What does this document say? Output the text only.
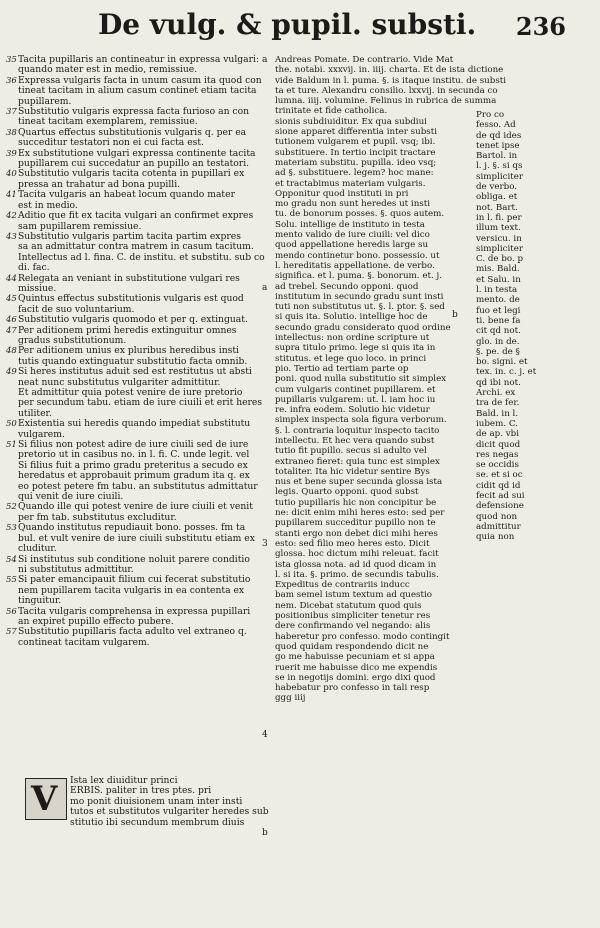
De vulg. & pupil. substi. 236
35Tacita pupillaris an contineatur in expressa vulgari: a
quando mater est in medio, remissiue.
36Expressa vulgaris facta in unum casum ita quod con
tineat tacitam in alium casum continet etiam tacita
pupillarem.
37Substitutio vulgaris expressa facta furioso an con
tineat tacitam exemplarem, remissiue.
38Quartus effectus substitutionis vulgaris q. per ea
succeditur testatori non ei cui facta est.
39Ex substitutione vulgari expressa continente tacita
pupillarem cui succedatur an pupillo an testatori.
40Substitutio vulgaris tacita cotenta in pupillari ex
pressa an trahatur ad bona pupilli.
41Tacita vulgaris an habeat locum quando mater
est in medio.
42Aditio que fit ex tacita vulgari an confirmet expres
sam pupillarem remissiue.
43Substitutio vulgaris partim tacita partim expres
sa an admittatur contra matrem in casum tacitum.
Intellectus ad l. fina. C. de institu. et substitu. sub co
di. fac.
44Relegata an veniant in substitutione vulgari res
missiue.
45Quintus effectus substitutionis vulgaris est quod
facit de suo voluntarium.
46Substitutio vulgaris quomodo et per q. extinguat.
47Per aditionem primi heredis extinguitur omnes
gradus substitutionum.
48Per aditionem unius ex pluribus heredibus insti
tutis quando extinguatur substitutio facta omnib.
49Si heres institutus aduit sed est restitutus ut absti
neat nunc substitutus vulgariter admittitur.
Et admittitur quia potest venire de iure pretorio
per secundum tabu. etiam de iure ciuili et erit heres
utiliter.
50Existentia sui heredis quando impediat substitutu
vulgarem.
51Si filius non potest adire de iure ciuili sed de iure
pretorio ut in casibus no. in l. fi. C. unde legit. vel
Si filius fuit a primo gradu preteritus a secudo ex
heredatus et approbauit primum gradum ita q. ex
eo potest petere fm tabu. an substitutus admittatur
qui venit de iure ciuili.
52Quando ille qui potest venire de iure ciuili et venit
per fm tab. substitutus excluditur.
53Quando institutus repudiauit bono. posses. fm ta
bul. et vult venire de iure ciuili substitutu etiam ex
cluditur.
54Si institutus sub conditione noluit parere conditio
ni substitutus admittitur.
55Si pater emancipauit filium cui fecerat substitutio
nem pupillarem tacita vulgaris in ea contenta ex
tinguitur.
56Tacita vulgaris comprehensa in expressa pupillari
an expiret pupillo effecto pubere.
57Substitutio pupillaris facta adulto vel extraneo q.
contineat tacitam vulgarem.
V Ista lex diuiditur princi
ERBIS. paliter in tres ptes. pri
mo ponit diuisionem unam inter insti
tutos et substitutos vulgariter heredes sub
stitutio ibi secundum membrum diuis
Andreas Pomate. De contrario. Vide Mat
the. notabi. xxxvij. in. iiij. charta. Et de ista dictione
vide Baldum in l. puma. §. is itaque institu. de substi
ta et ture. Alexandru consilio. lxxvij. in secunda co
lumna. iiij. volumine. Felinus in rubrica de summa
trinitate et fide catholica.
sionis subdiuiditur. Ex qua subdiui
sione apparet differentia inter substi
tutionem vulgarem et pupil. vsq; ibi.
substituere. In tertio incipit tractare
materiam substitu. pupilla. ideo vsq;
ad §. substituere. legem? hoc mane:
et tractabimus materiam vulgaris.
Opponitur quod instituti in pri
mo gradu non sunt heredes ut insti
tu. de bonorum posses. §. quos autem.
Solu. intellige de instituto in testa
mento valido de iure ciuili: vel dico
quod appellatione heredis large su
mendo continetur bono. possessio. ut
l. hereditatis appellatione. de verbo.
significa. et l. puma. §. bonorum. et. j.
ad trebel. Secundo opponi. quod
institutum in secundo gradu sunt insti
tuti non substitutus ut. §. l. ptor. §. sed
si quis ita. Solutio. intellige hoc de
secundo gradu considerato quod ordine
intellectus: non ordine scripture ut
supra titulo primo. lege si quis ita in
stitutus. et lege quo loco. in princi
pio. Tertio ad tertiam parte op
poni. quod nulla substitutio sit simplex
cum vulgaris continet pupillarem. et
pupillaris vulgarem: ut. l. iam hoc iu
re. infra eodem. Solutio hic videtur
simplex inspecta sola figura verborum.
§. l. contraria loquitur inspecto tacito
intellectu. Et hec vera quando subst
tutio fit pupillo. secus si adulto vel
extraneo fieret: quia tunc est simplex
totaliter. Ita hic videtur sentire Bys
nus et bene super secunda glossa ista
legis. Quarto opponi. quod subst
tutio pupillaris hic non concipitur be
ne: dicit enim mihi heres esto: sed per
pupillarem succeditur pupillo non te
stanti ergo non debet dici mihi heres
esto: sed filio meo heres esto. Dicit
glossa. hoc dictum mihi releuat. facit
ista glossa nota. ad id quod dicam in
l. si ita. §. primo. de secundis tabulis.
Expeditus de contrariis inducc
bam semel istum textum ad questio
nem. Dicebat statutum quod quis
positionibus simpliciter tenetur res
dere confirmando vel negando: alis
haberetur pro confesso. modo contingit
quod quidam respondendo dicit ne
go me habuisse pecuniam et si appa
ruerit me habuisse dico me expendis
se in negotijs domini. ergo dixi quod
habebatur pro confesso in tali resp
ggg iiij
Pro co
fesso. Ad
de qd ides
tenet ipse
Bartol. in
l. j. §. si qs
simpliciter
de verbo.
obliga. et
not. Bart.
in l. fi. per
illum text.
versicu. in
simpliciter
C. de bo. p
mis. Bald.
et Salu. in
l. in testa
mento. de
fuo et legi
ti. bene fa
cit qd not.
glo. in de.
§. pe. de §
bo. signi. et
tex. in. c. j. et
qd ibi not.
Archi. ex
tra de fer.
Bald. in l.
iubem. C.
de ap. vbi
dicit quod
res negas
se occidis
se. et si oc
cidit qd id
fecit ad sui
defensione
quod non
admittitur
quia non
a
b
3
4
b
